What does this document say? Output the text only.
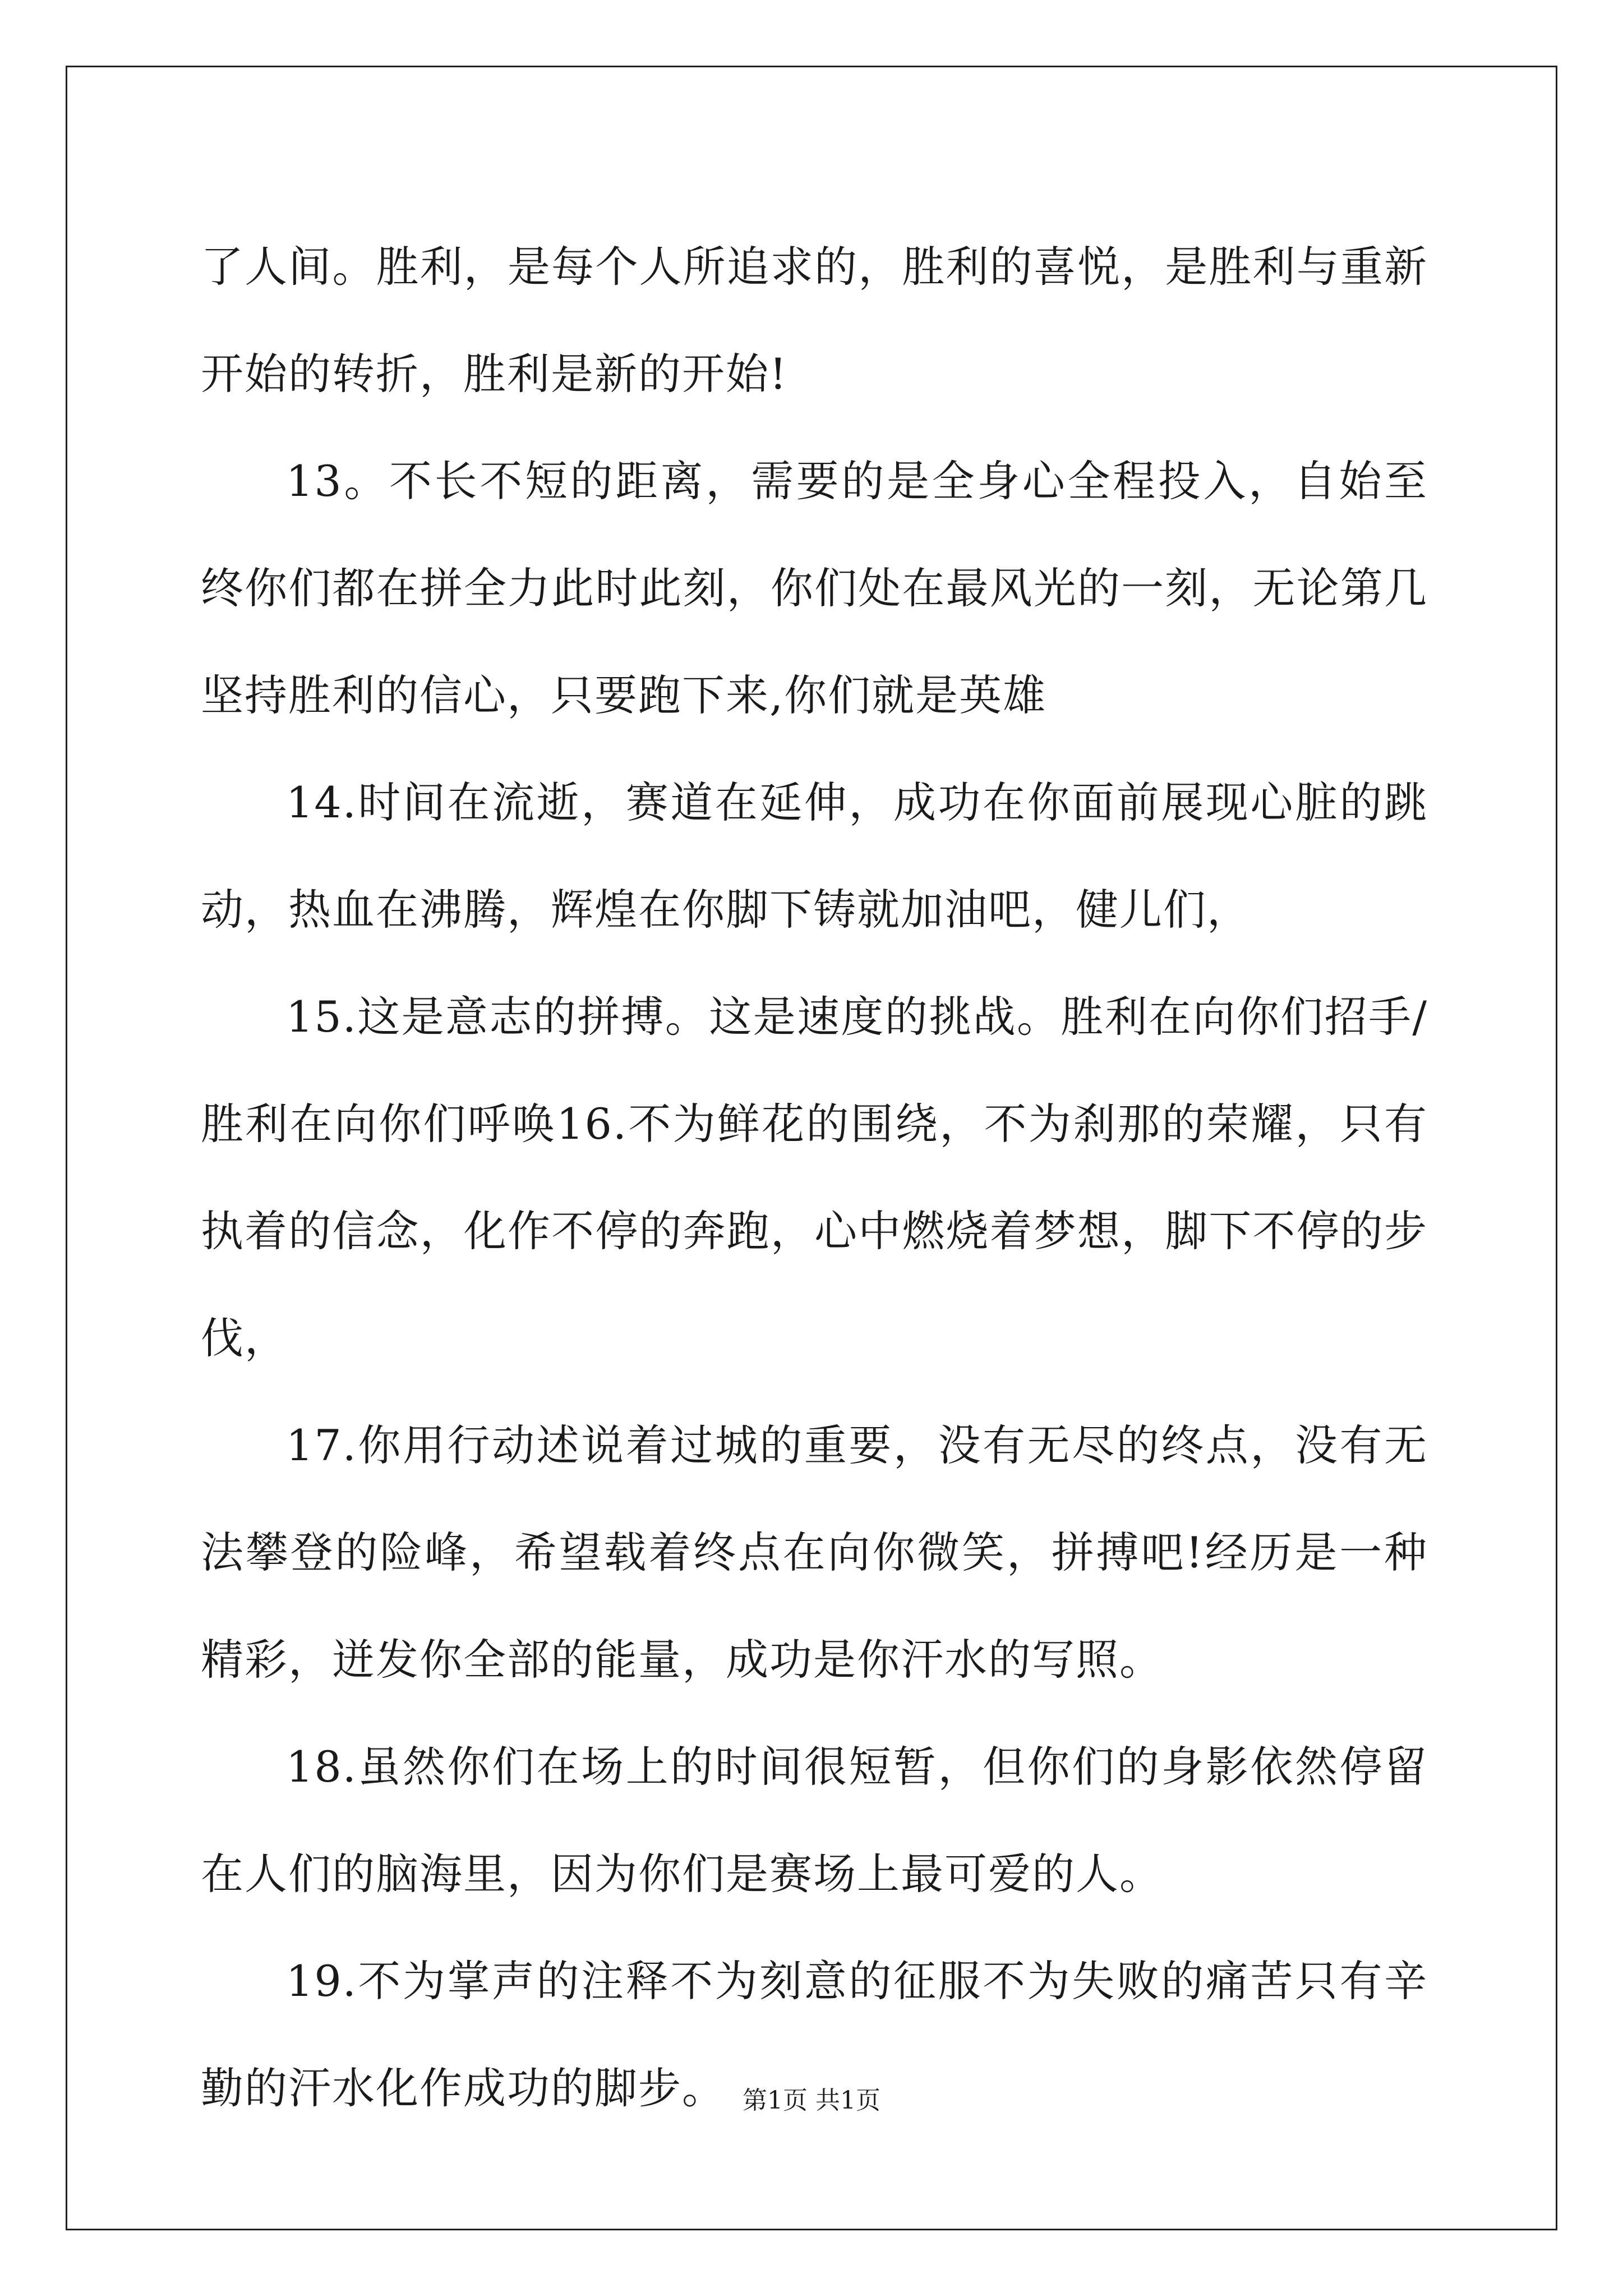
了人间。胜利，是每个人所追求的，胜利的喜悦，是胜利与重新开始的转折，胜利是新的开始!

13。不长不短的距离，需要的是全身心全程投入，自始至终你们都在拼全力此时此刻，你们处在最风光的一刻，无论第几坚持胜利的信心，只要跑下来,你们就是英雄

14.时间在流逝，赛道在延伸，成功在你面前展现心脏的跳动，热血在沸腾，辉煌在你脚下铸就加油吧，健儿们，

15.这是意志的拼搏。这是速度的挑战。胜利在向你们招手/胜利在向你们呼唤16.不为鲜花的围绕，不为刹那的荣耀，只有执着的信念，化作不停的奔跑，心中燃烧着梦想，脚下不停的步伐，

17.你用行动述说着过城的重要，没有无尽的终点，没有无法攀登的险峰，希望载着终点在向你微笑，拼搏吧!经历是一种精彩，迸发你全部的能量，成功是你汗水的写照。

18.虽然你们在场上的时间很短暂，但你们的身影依然停留在人们的脑海里，因为你们是赛场上最可爱的人。

19.不为掌声的注释不为刻意的征服不为失败的痛苦只有辛勤的汗水化作成功的脚步。 第1页 共1页
